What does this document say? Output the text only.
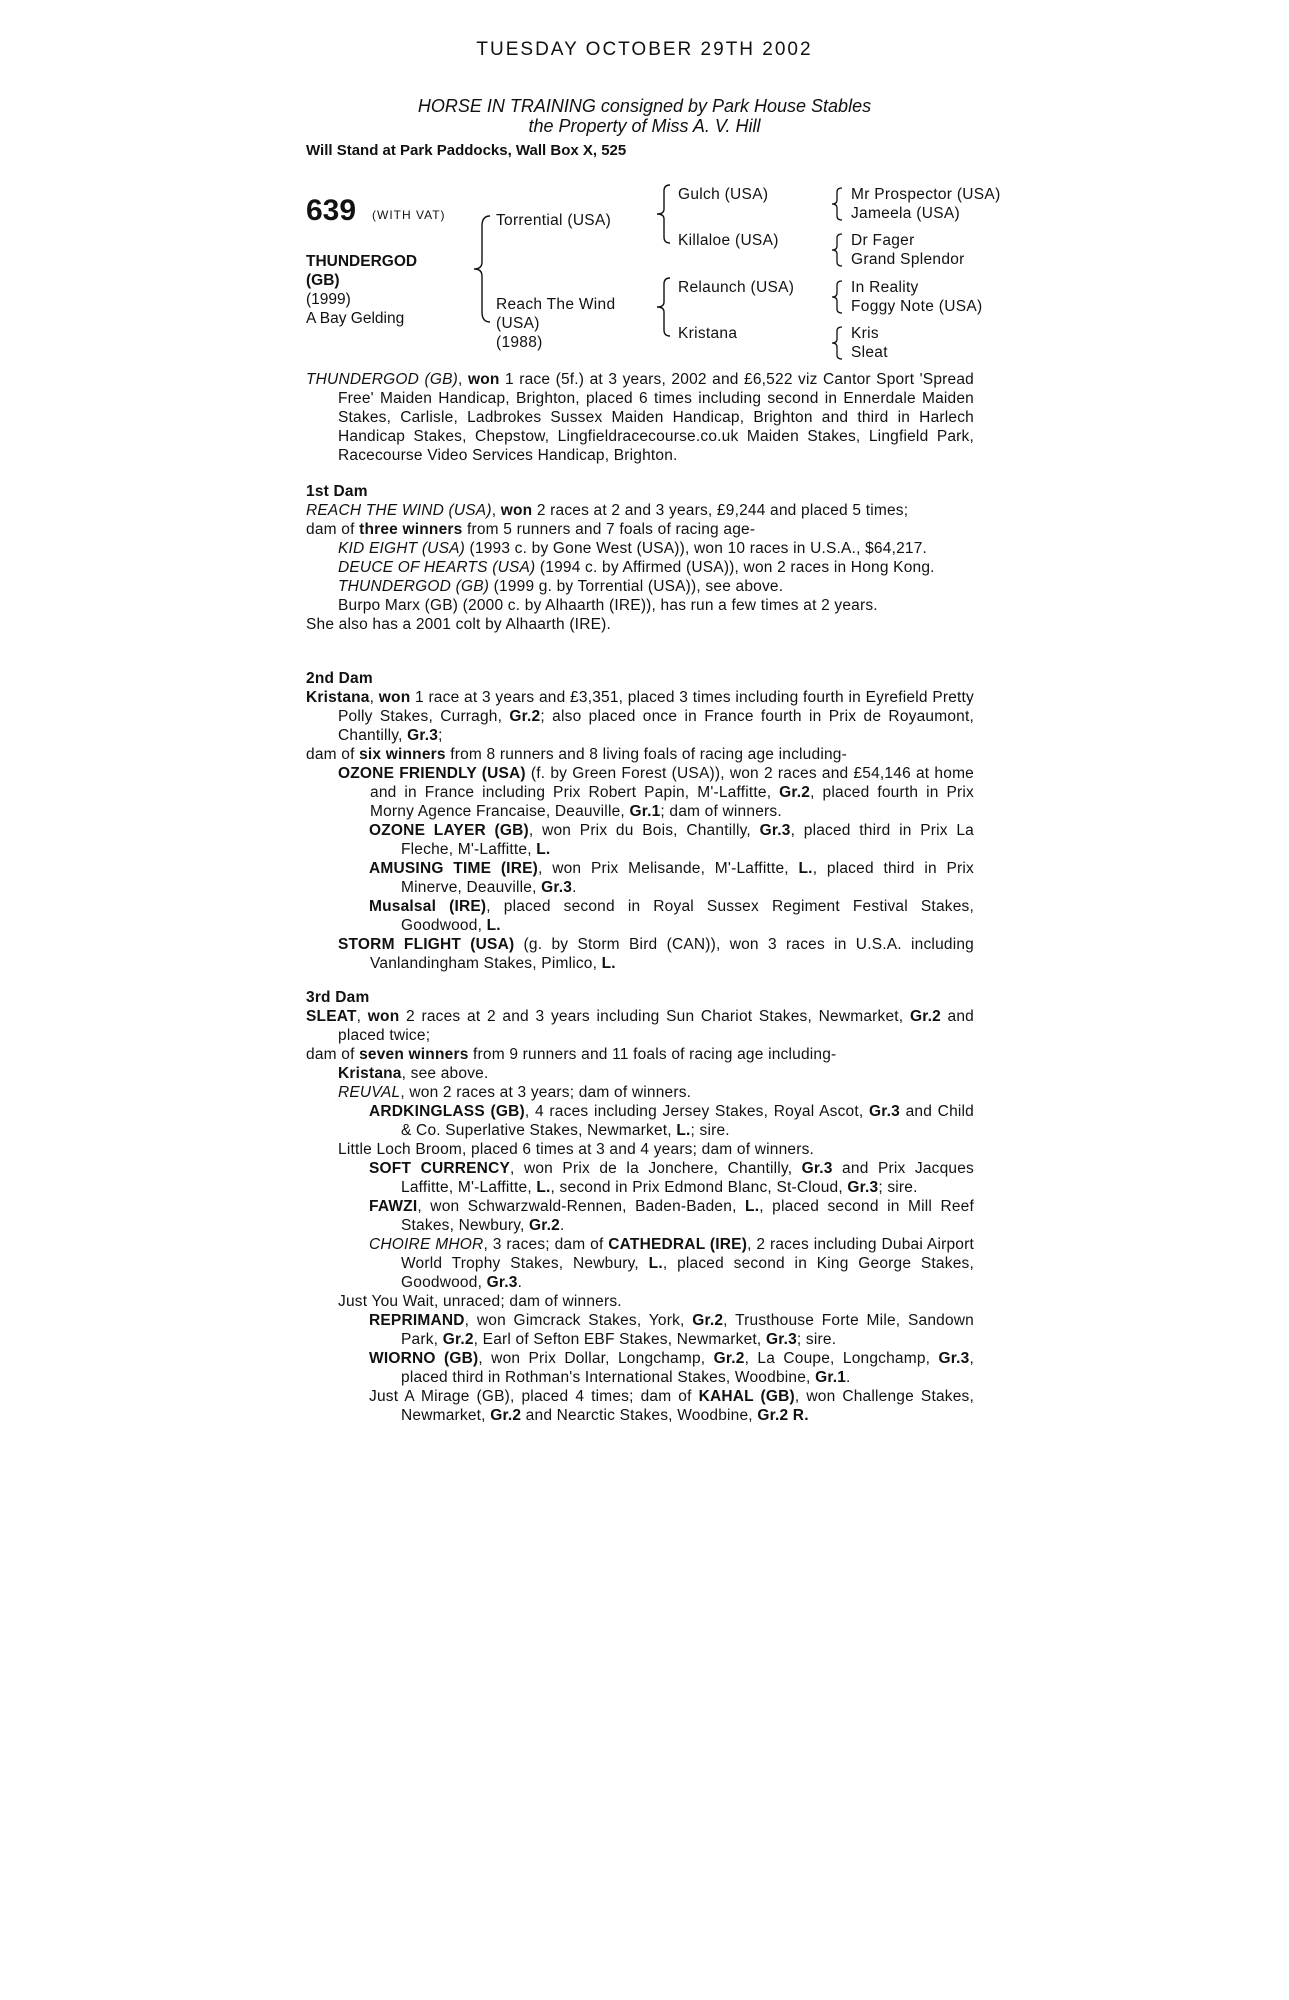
TUESDAY OCTOBER 29TH 2002
HORSE IN TRAINING consigned by Park House Stables
the Property of Miss A. V. Hill
Will Stand at Park Paddocks, Wall Box X, 525
639 (WITH VAT)
THUNDERGOD
(GB)
(1999)
A Bay Gelding
Torrential (USA)
Reach The Wind
(USA)
(1988)
Gulch (USA)
Killaloe (USA)
Relaunch (USA)
Kristana
Mr Prospector (USA)
Jameela (USA)
Dr Fager
Grand Splendor
In Reality
Foggy Note (USA)
Kris
Sleat

THUNDERGOD (GB), won 1 race (5f.) at 3 years, 2002 and £6,522 viz Cantor Sport 'Spread Free' Maiden Handicap, Brighton, placed 6 times including second in Ennerdale Maiden Stakes, Carlisle, Ladbrokes Sussex Maiden Handicap, Brighton and third in Harlech Handicap Stakes, Chepstow, Lingfieldracecourse.co.uk Maiden Stakes, Lingfield Park, Racecourse Video Services Handicap, Brighton.

1st Dam

REACH THE WIND (USA), won 2 races at 2 and 3 years, £9,244 and placed 5 times;

dam of three winners from 5 runners and 7 foals of racing age-

KID EIGHT (USA) (1993 c. by Gone West (USA)), won 10 races in U.S.A., $64,217.

DEUCE OF HEARTS (USA) (1994 c. by Affirmed (USA)), won 2 races in Hong Kong.

THUNDERGOD (GB) (1999 g. by Torrential (USA)), see above.

Burpo Marx (GB) (2000 c. by Alhaarth (IRE)), has run a few times at 2 years.

She also has a 2001 colt by Alhaarth (IRE).

2nd Dam

Kristana, won 1 race at 3 years and £3,351, placed 3 times including fourth in Eyrefield Pretty Polly Stakes, Curragh, Gr.2; also placed once in France fourth in Prix de Royaumont, Chantilly, Gr.3;

dam of six winners from 8 runners and 8 living foals of racing age including-

OZONE FRIENDLY (USA) (f. by Green Forest (USA)), won 2 races and £54,146 at home and in France including Prix Robert Papin, M'-Laffitte, Gr.2, placed fourth in Prix Morny Agence Francaise, Deauville, Gr.1; dam of winners.

OZONE LAYER (GB), won Prix du Bois, Chantilly, Gr.3, placed third in Prix La Fleche, M'-Laffitte, L.

AMUSING TIME (IRE), won Prix Melisande, M'-Laffitte, L., placed third in Prix Minerve, Deauville, Gr.3.

Musalsal (IRE), placed second in Royal Sussex Regiment Festival Stakes, Goodwood, L.

STORM FLIGHT (USA) (g. by Storm Bird (CAN)), won 3 races in U.S.A. including Vanlandingham Stakes, Pimlico, L.

3rd Dam

SLEAT, won 2 races at 2 and 3 years including Sun Chariot Stakes, Newmarket, Gr.2 and placed twice;

dam of seven winners from 9 runners and 11 foals of racing age including-

Kristana, see above.

REUVAL, won 2 races at 3 years; dam of winners.

ARDKINGLASS (GB), 4 races including Jersey Stakes, Royal Ascot, Gr.3 and Child & Co. Superlative Stakes, Newmarket, L.; sire.

Little Loch Broom, placed 6 times at 3 and 4 years; dam of winners.

SOFT CURRENCY, won Prix de la Jonchere, Chantilly, Gr.3 and Prix Jacques Laffitte, M'-Laffitte, L., second in Prix Edmond Blanc, St-Cloud, Gr.3; sire.

FAWZI, won Schwarzwald-Rennen, Baden-Baden, L., placed second in Mill Reef Stakes, Newbury, Gr.2.

CHOIRE MHOR, 3 races; dam of CATHEDRAL (IRE), 2 races including Dubai Airport World Trophy Stakes, Newbury, L., placed second in King George Stakes, Goodwood, Gr.3.

Just You Wait, unraced; dam of winners.

REPRIMAND, won Gimcrack Stakes, York, Gr.2, Trusthouse Forte Mile, Sandown Park, Gr.2, Earl of Sefton EBF Stakes, Newmarket, Gr.3; sire.

WIORNO (GB), won Prix Dollar, Longchamp, Gr.2, La Coupe, Longchamp, Gr.3, placed third in Rothman's International Stakes, Woodbine, Gr.1.

Just A Mirage (GB), placed 4 times; dam of KAHAL (GB), won Challenge Stakes, Newmarket, Gr.2 and Nearctic Stakes, Woodbine, Gr.2 R.
